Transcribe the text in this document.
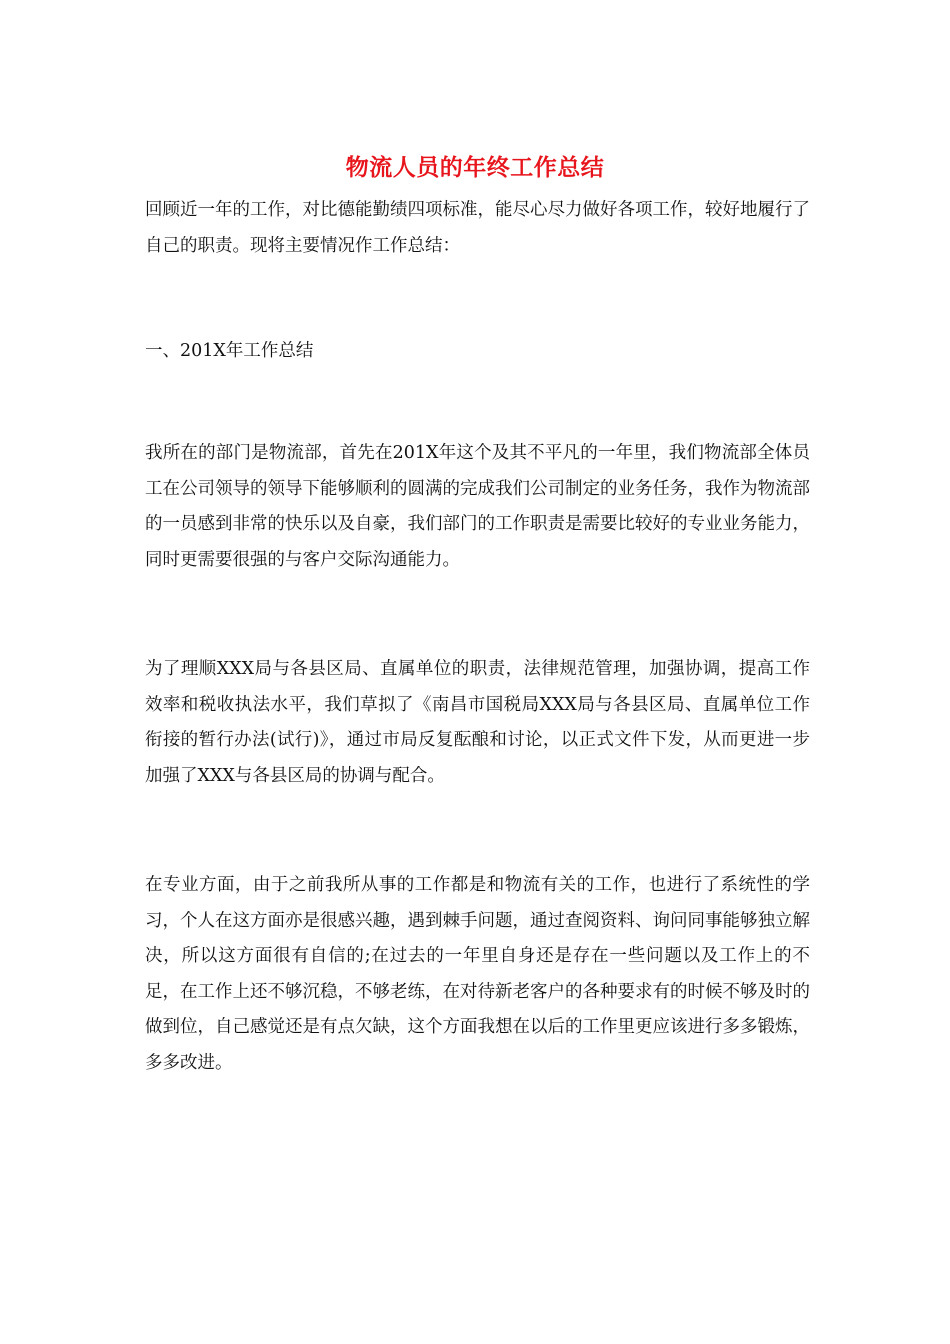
物流人员的年终工作总结

回顾近一年的工作，对比德能勤绩四项标准，能尽心尽力做好各项工作，较好地履行了自己的职责。现将主要情况作工作总结：

一、201X年工作总结

我所在的部门是物流部，首先在201X年这个及其不平凡的一年里，我们物流部全体员工在公司领导的领导下能够顺利的圆满的完成我们公司制定的业务任务，我作为物流部的一员感到非常的快乐以及自豪，我们部门的工作职责是需要比较好的专业业务能力，同时更需要很强的与客户交际沟通能力。

为了理顺XXX局与各县区局、直属单位的职责，法律规范管理，加强协调，提高工作效率和税收执法水平，我们草拟了《南昌市国税局XXX局与各县区局、直属单位工作衔接的暂行办法(试行)》，通过市局反复酝酿和讨论，以正式文件下发，从而更进一步加强了XXX与各县区局的协调与配合。

在专业方面，由于之前我所从事的工作都是和物流有关的工作，也进行了系统性的学习，个人在这方面亦是很感兴趣，遇到棘手问题，通过查阅资料、询问同事能够独立解决，所以这方面很有自信的;在过去的一年里自身还是存在一些问题以及工作上的不足，在工作上还不够沉稳，不够老练，在对待新老客户的各种要求有的时候不够及时的做到位，自己感觉还是有点欠缺，这个方面我想在以后的工作里更应该进行多多锻炼，多多改进。
